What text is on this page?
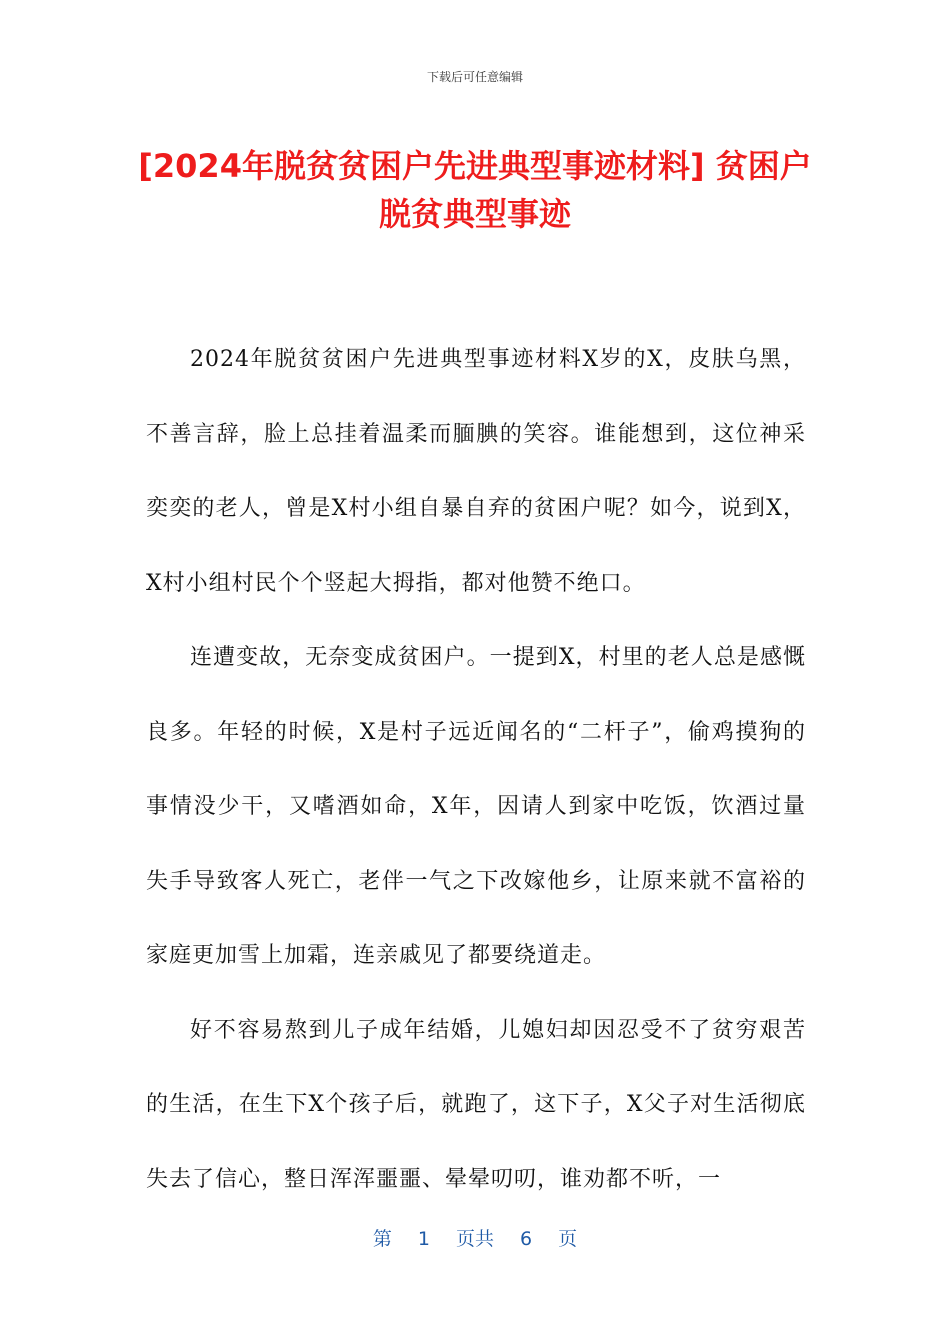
下载后可任意编辑
[2024年脱贫贫困户先进典型事迹材料] 贫困户脱贫典型事迹

2024年脱贫贫困户先进典型事迹材料X岁的X，皮肤乌黑，不善言辞，脸上总挂着温柔而腼腆的笑容。谁能想到，这位神采奕奕的老人，曾是X村小组自暴自弃的贫困户呢？如今，说到X，X村小组村民个个竖起大拇指，都对他赞不绝口。

连遭变故，无奈变成贫困户。一提到X，村里的老人总是感慨良多。年轻的时候，X是村子远近闻名的“二杆子”，偷鸡摸狗的事情没少干，又嗜酒如命，X年，因请人到家中吃饭，饮酒过量失手导致客人死亡，老伴一气之下改嫁他乡，让原来就不富裕的家庭更加雪上加霜，连亲戚见了都要绕道走。

好不容易熬到儿子成年结婚，儿媳妇却因忍受不了贫穷艰苦的生活，在生下X个孩子后，就跑了，这下子，X父子对生活彻底失去了信心，整日浑浑噩噩、晕晕叨叨，谁劝都不听，一

第 1 页共 6 页
